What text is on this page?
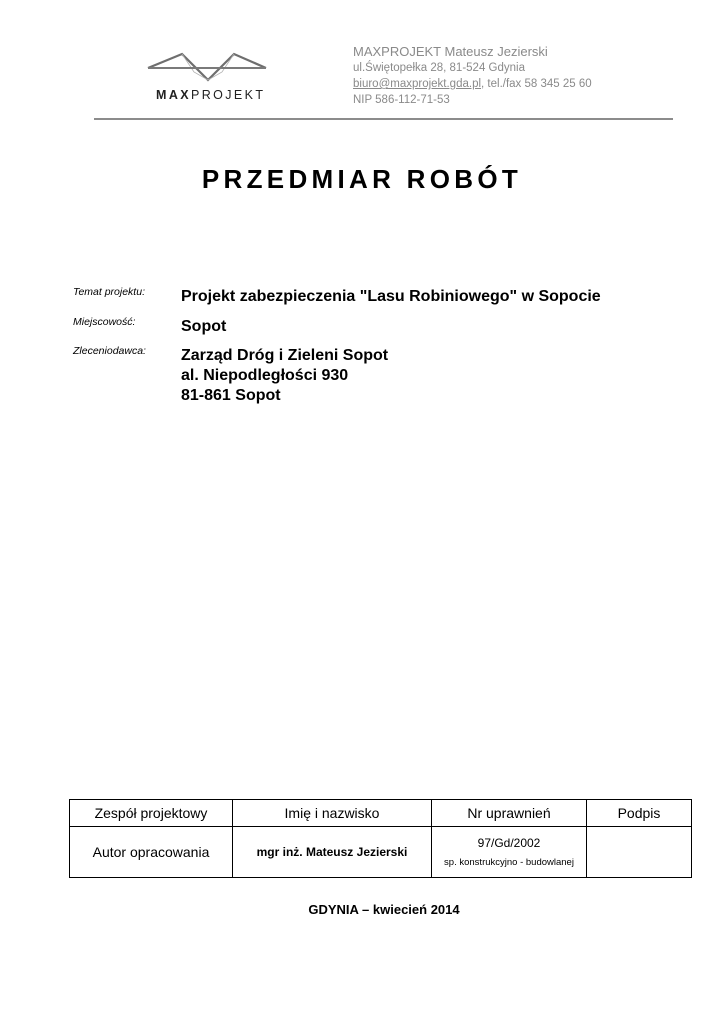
MAXPROJEKT
MAXPROJEKT Mateusz Jezierski
ul.Świętopełka 28, 81-524 Gdynia
biuro@maxprojekt.gda.pl, tel./fax 58 345 25 60
NIP 586-112-71-53
PRZEDMIAR ROBÓT
Temat projektu: Projekt zabezpieczenia "Lasu Robiniowego" w Sopocie
Miejscowość:	Sopot
Zleceniodawca: Zarząd Dróg i Zieleni Sopot
al. Niepodległości 930
81-861 Sopot
Zespół projektowy	Imię i nazwisko	Nr uprawnień	Podpis
Autor opracowania	mgr inż. Mateusz Jezierski	97/Gd/2002
sp. konstrukcyjno - budowlanej	

GDYNIA – kwiecień 2014
